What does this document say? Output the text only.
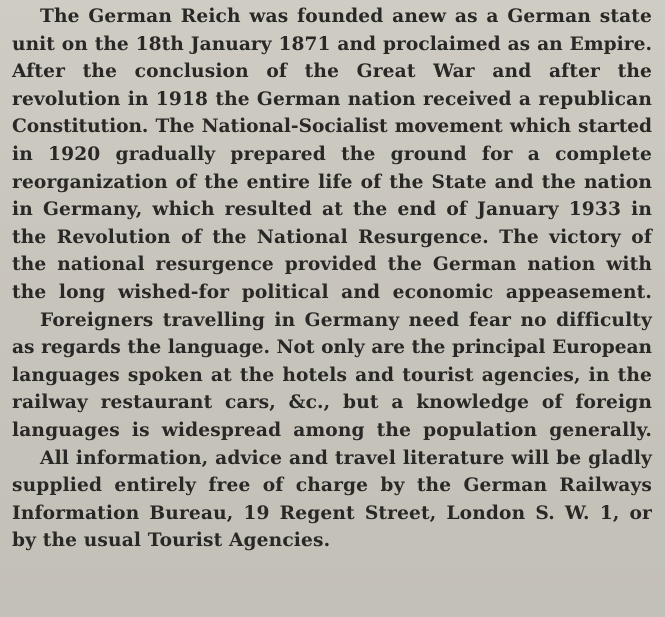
The German Reich was founded anew as a German state
unit on the 18th January 1871 and proclaimed as an Empire.
After the conclusion of the Great War and after the
revolution in 1918 the German nation received a republican
Constitution. The National-Socialist movement which started
in 1920 gradually prepared the ground for a complete
reorganization of the entire life of the State and the nation
in Germany, which resulted at the end of January 1933 in
the Revolution of the National Resurgence. The victory of
the national resurgence provided the German nation with
the long wished-for political and economic appeasement.
Foreigners travelling in Germany need fear no difficulty
as regards the language. Not only are the principal European
languages spoken at the hotels and tourist agencies, in the
railway restaurant cars, &c., but a knowledge of foreign
languages is widespread among the population generally.
All information, advice and travel literature will be gladly
supplied entirely free of charge by the German Railways
Information Bureau, 19 Regent Street, London S. W. 1, or
by the usual Tourist Agencies.
